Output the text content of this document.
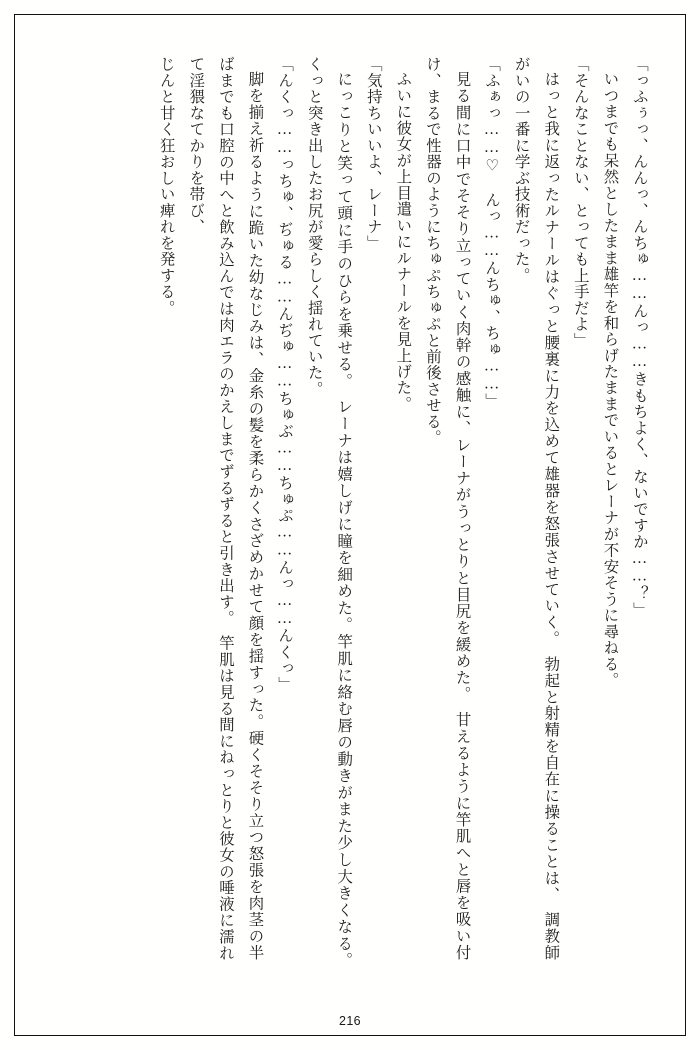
「っふぅっ、んんっ、んちゅ……んっ……きもちよく、ないですか……？」

いつまでも呆然としたまま雄竿を和らげたままでいるとレーナが不安そうに尋ねる。

「そんなことない、とっても上手だよ」

はっと我に返ったルナールはぐっと腰裏に力を込めて雄器を怒張させていく。　勃起と射精を自在に操ることは、　調教師がいの一番に学ぶ技術だった。

「ふぁっ……♡　んっ……んちゅ、ちゅ……」

見る間に口中でそそり立っていく肉幹の感触に、レーナがうっとりと目尻を緩めた。　甘えるように竿肌へと唇を吸い付け、まるで性器のようにちゅぷちゅぷと前後させる。

ふいに彼女が上目遣いにルナールを見上げた。

「気持ちいいよ、レーナ」

にっこりと笑って頭に手のひらを乗せる。　レーナは嬉しげに瞳を細めた。竿肌に絡む唇の動きがまた少し大きくなる。　くっと突き出したお尻が愛らしく揺れていた。

「んくっ……っちゅ、ぢゅる……んぢゅ……ちゅぶ……ちゅぷ……んっ……んくっ」

脚を揃え祈るように跪いた幼なじみは、金糸の髪を柔らかくさざめかせて顔を揺すった。硬くそそり立つ怒張を肉茎の半ばまでも口腔の中へと飲み込んでは肉エラのかえしまでずるずると引き出す。　竿肌は見る間にねっとりと彼女の唾液に濡れて淫猥なてかりを帯び、

じんと甘く狂おしい痺れを発する。

216
